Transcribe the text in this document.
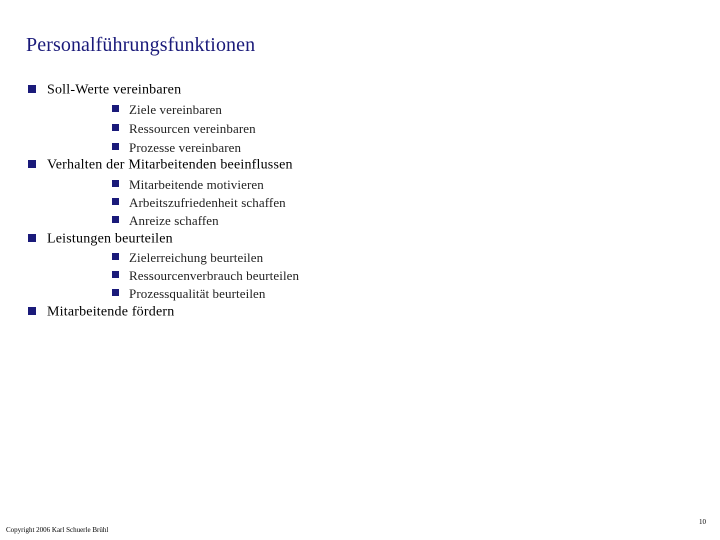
Personalführungsfunktionen
Soll-Werte vereinbaren
Ziele vereinbaren
Ressourcen vereinbaren
Prozesse vereinbaren
Verhalten der Mitarbeitenden beeinflussen
Mitarbeitende motivieren
Arbeitszufriedenheit schaffen
Anreize schaffen
Leistungen beurteilen
Zielerreichung beurteilen
Ressourcenverbrauch beurteilen
Prozessqualität beurteilen
Mitarbeitende fördern
Copyright 2006 Karl Schuerle Brühl
10
